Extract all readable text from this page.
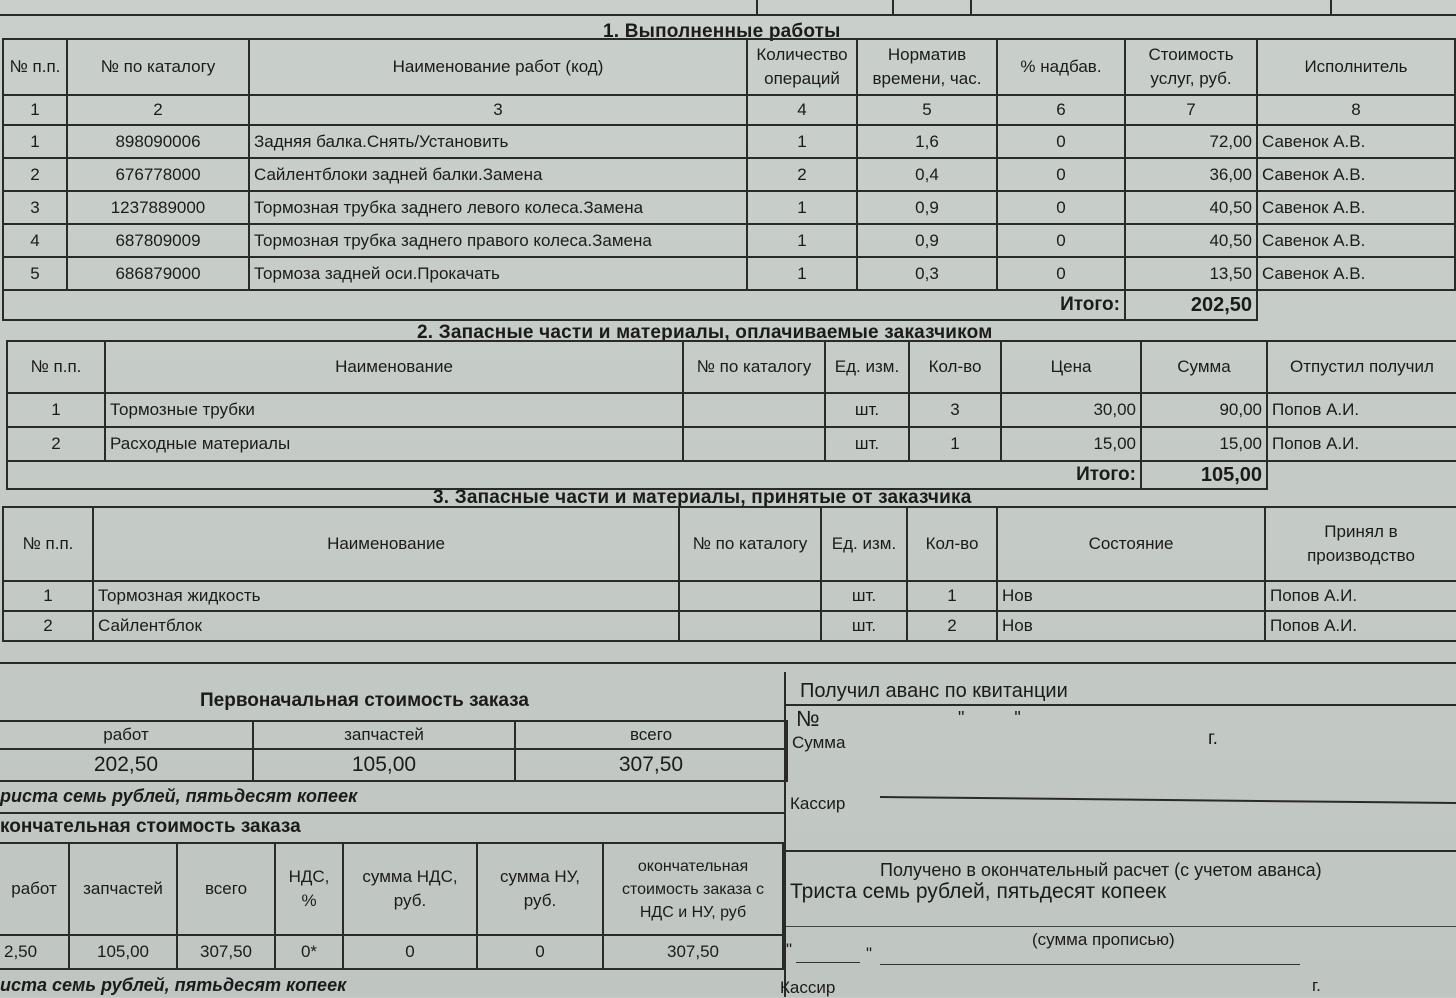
1. Выполненные работы
№ п.п.	№ по каталогу	Наименование работ (код)	Количество операций	Норматив времени, час.	% надбав.	Стоимость услуг, руб.	Исполнитель
1	2	3	4	5	6	7	8
1	898090006	Задняя балка.Снять/Установить	1	1,6	0	72,00	Савенок А.В.
2	676778000	Сайлентблоки задней балки.Замена	2	0,4	0	36,00	Савенок А.В.
3	1237889000	Тормозная трубка заднего левого колеса.Замена	1	0,9	0	40,50	Савенок А.В.
4	687809009	Тормозная трубка заднего правого колеса.Замена	1	0,9	0	40,50	Савенок А.В.
5	686879000	Тормоза задней оси.Прокачать	1	0,3	0	13,50	Савенок А.В.
Итого:						202,50	
2. Запасные части и материалы, оплачиваемые заказчиком
№ п.п.	Наименование	№ по каталогу	Ед. изм.	Кол-во	Цена	Сумма	Отпустил получил
1	Тормозные трубки		шт.	3	30,00	90,00	Попов А.И.
2	Расходные материалы		шт.	1	15,00	15,00	Попов А.И.
Итого:						105,00	
3. Запасные части и материалы, принятые от заказчика
№ п.п.	Наименование	№ по каталогу	Ед. изм.	Кол-во	Состояние	Принял в производство
1	Тормозная жидкость		шт.	1	Нов	Попов А.И.
2	Сайлентблок		шт.	2	Нов	Попов А.И.
Первоначальная стоимость заказа
работ	запчастей	всего
202,50	105,00	307,50
риста семь рублей, пятьдесят копеек
кончательная стоимость заказа
работ	запчастей	всего	НДС, %	сумма НДС, руб.	сумма НУ, руб.	окончательная стоимость заказа с НДС и НУ, руб
2,50	105,00	307,50	0*	0	0	307,50
иста семь рублей, пятьдесят копеек
Получил аванс по квитанции
№	"          "
Сумма	г.
Кассир
Получено в окончательный расчет (с учетом аванса)
Триста семь рублей, пятьдесят копеек
(сумма прописью)
"	"
г.
Кассир
